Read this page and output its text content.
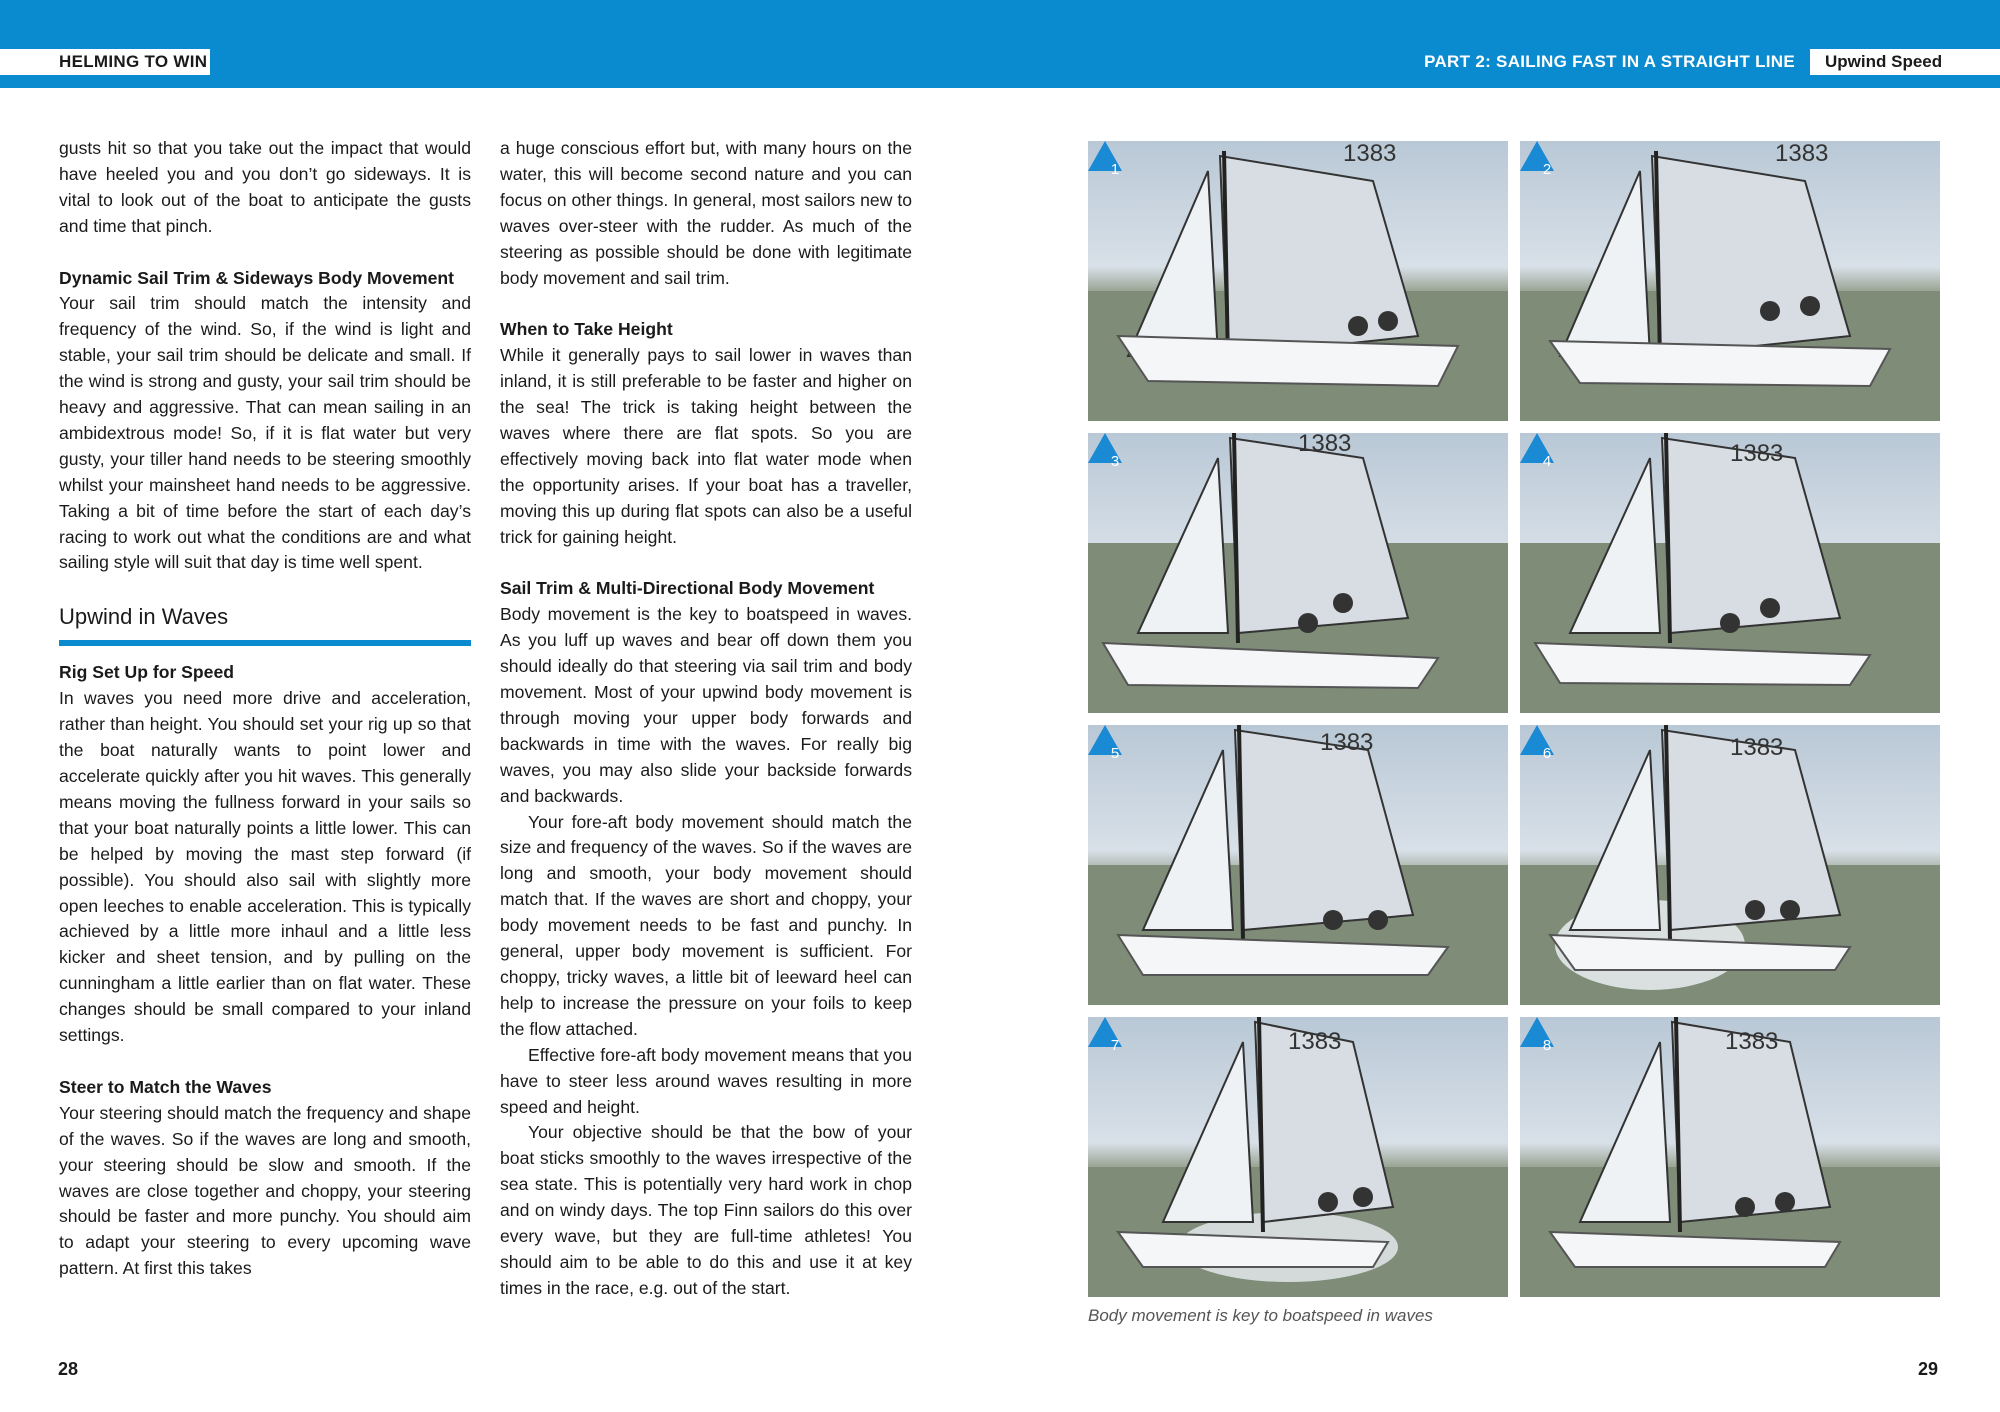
HELMING TO WIN	PART 2: SAILING FAST IN A STRAIGHT LINE	Upwind Speed

gusts hit so that you take out the impact that would have heeled you and you don’t go sideways. It is vital to look out of the boat to anticipate the gusts and time that pinch.

Dynamic Sail Trim & Sideways Body Movement

Your sail trim should match the intensity and frequency of the wind. So, if the wind is light and stable, your sail trim should be delicate and small. If the wind is strong and gusty, your sail trim should be heavy and aggressive. That can mean sailing in an ambidextrous mode! So, if it is flat water but very gusty, your tiller hand needs to be steering smoothly whilst your mainsheet hand needs to be aggressive. Taking a bit of time before the start of each day’s racing to work out what the conditions are and what sailing style will suit that day is time well spent.

Upwind in Waves
Rig Set Up for Speed

In waves you need more drive and acceleration, rather than height. You should set your rig up so that the boat naturally wants to point lower and accelerate quickly after you hit waves. This generally means moving the fullness forward in your sails so that your boat naturally points a little lower. This can be helped by moving the mast step forward (if possible). You should also sail with slightly more open leeches to enable acceleration. This is typically achieved by a little more inhaul and a little less kicker and sheet tension, and by pulling on the cunningham a little earlier than on flat water. These changes should be small compared to your inland settings.

Steer to Match the Waves

Your steering should match the frequency and shape of the waves. So if the waves are long and smooth, your steering should be slow and smooth. If the waves are close together and choppy, your steering should be faster and more punchy. You should aim to adapt your steering to every upcoming wave pattern. At first this takes

a huge conscious effort but, with many hours on the water, this will become second nature and you can focus on other things. In general, most sailors new to waves over-steer with the rudder. As much of the steering as possible should be done with legitimate body movement and sail trim.

When to Take Height

While it generally pays to sail lower in waves than inland, it is still preferable to be faster and higher on the sea! The trick is taking height between the waves where there are flat spots. So you are effectively moving back into flat water mode when the opportunity arises. If your boat has a traveller, moving this up during flat spots can also be a useful trick for gaining height.

Sail Trim & Multi-Directional Body Movement

Body movement is the key to boatspeed in waves. As you luff up waves and bear off down them you should ideally do that steering via sail trim and body movement. Most of your upwind body movement is through moving your upper body forwards and backwards in time with the waves. For really big waves, you may also slide your backside forwards and backwards.

Your fore-aft body movement should match the size and frequency of the waves. So if the waves are long and smooth, your body movement should match that. If the waves are short and choppy, your body movement needs to be fast and punchy. In general, upper body movement is sufficient. For choppy, tricky waves, a little bit of leeward heel can help to increase the pressure on your foils to keep the flow attached.

Effective fore-aft body movement means that you have to steer less around waves resulting in more speed and height.

Your objective should be that the bow of your boat sticks smoothly to the waves irrespective of the sea state. This is potentially very hard work in chop and on windy days. The top Finn sailors do this over every wave, but they are full-time athletes! You should aim to be able to do this and use it at key times in the race, e.g. out of the start.

1383
1
1383
2
1383
3	1383
4
1383
5	1383
6
1383
7	1383
8
Body movement is key to boatspeed in waves
28	29
